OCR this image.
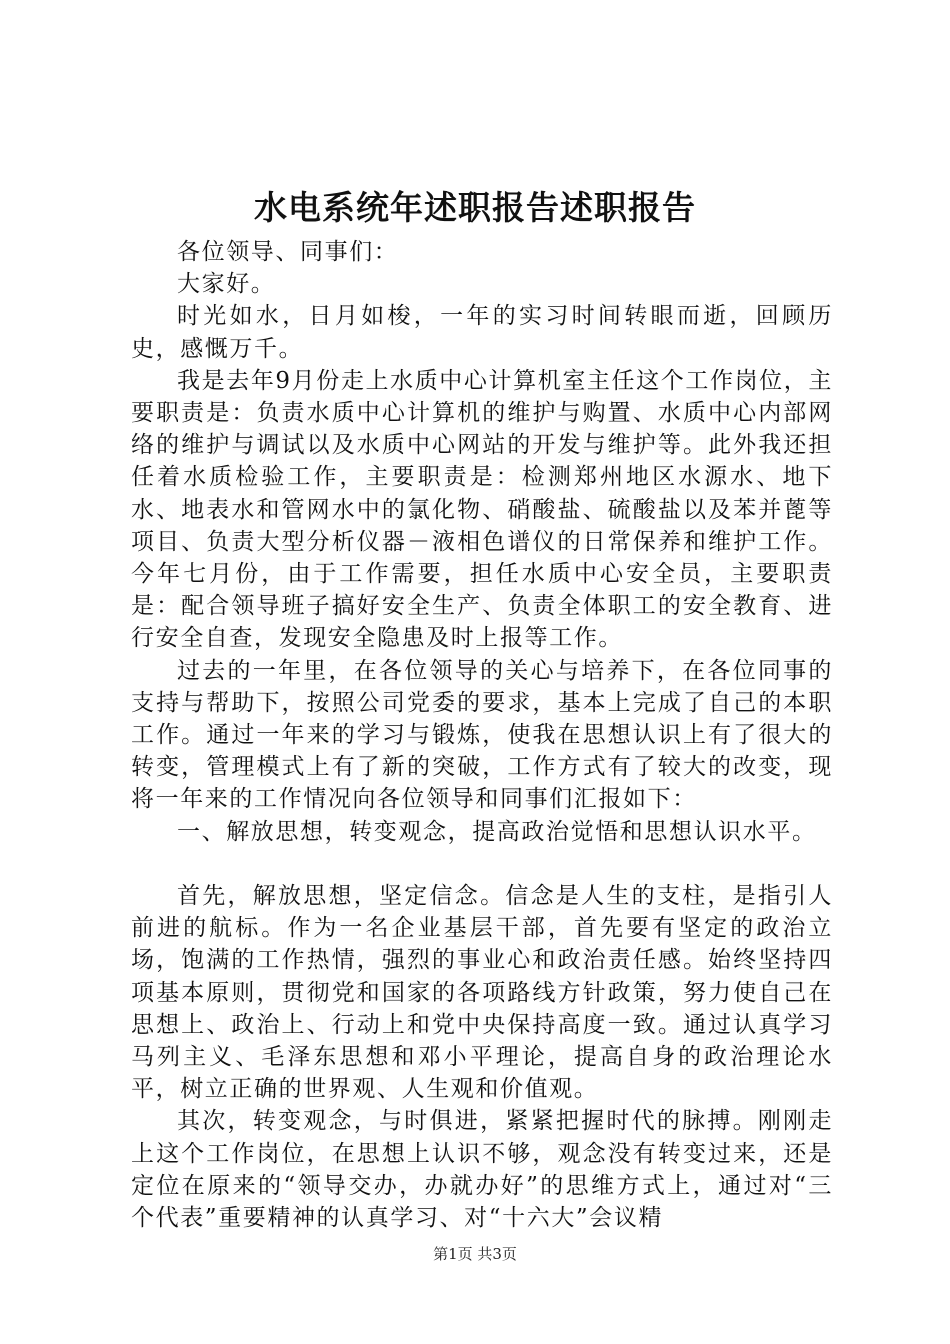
水电系统年述职报告述职报告

各位领导、同事们：

大家好。

时光如水，日月如梭，一年的实习时间转眼而逝，回顾历史，感慨万千。

我是去年9月份走上水质中心计算机室主任这个工作岗位，主要职责是：负责水质中心计算机的维护与购置、水质中心内部网络的维护与调试以及水质中心网站的开发与维护等。此外我还担任着水质检验工作，主要职责是：检测郑州地区水源水、地下水、地表水和管网水中的氯化物、硝酸盐、硫酸盐以及苯并蓖等项目、负责大型分析仪器－液相色谱仪的日常保养和维护工作。今年七月份，由于工作需要，担任水质中心安全员，主要职责是：配合领导班子搞好安全生产、负责全体职工的安全教育、进行安全自查，发现安全隐患及时上报等工作。

过去的一年里，在各位领导的关心与培养下，在各位同事的支持与帮助下，按照公司党委的要求，基本上完成了自己的本职工作。通过一年来的学习与锻炼，使我在思想认识上有了很大的转变，管理模式上有了新的突破，工作方式有了较大的改变，现将一年来的工作情况向各位领导和同事们汇报如下：

一、解放思想，转变观念，提高政治觉悟和思想认识水平。

首先，解放思想，坚定信念。信念是人生的支柱，是指引人前进的航标。作为一名企业基层干部，首先要有坚定的政治立场，饱满的工作热情，强烈的事业心和政治责任感。始终坚持四项基本原则，贯彻党和国家的各项路线方针政策，努力使自己在思想上、政治上、行动上和党中央保持高度一致。通过认真学习马列主义、毛泽东思想和邓小平理论，提高自身的政治理论水平，树立正确的世界观、人生观和价值观。

其次，转变观念，与时俱进，紧紧把握时代的脉搏。刚刚走上这个工作岗位，在思想上认识不够，观念没有转变过来，还是定位在原来的“领导交办，办就办好”的思维方式上，通过对“三个代表”重要精神的认真学习、对“十六大”会议精

第1页 共3页
